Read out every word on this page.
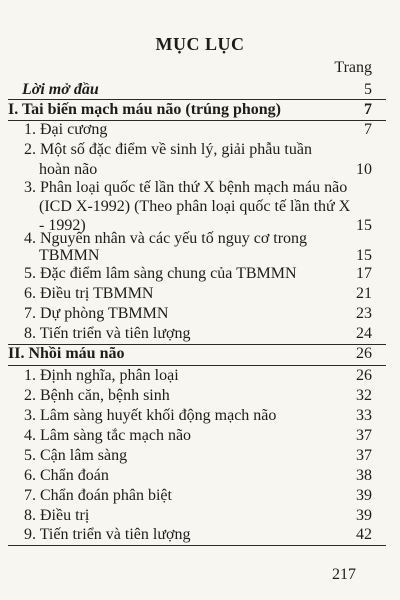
MỤC LỤC
Trang
Lời mở đầu	5
I. Tai biến mạch máu não (trúng phong)	7
1. Đại cương	7
2. Một số đặc điểm về sinh lý, giải phẫu tuần
hoàn não	10
3. Phân loại quốc tế lần thứ X bệnh mạch máu não
(ICD X-1992) (Theo phân loại quốc tế lần thứ X
- 1992)	15
4. Nguyên nhân và các yếu tố nguy cơ trong
TBMMN	15
5. Đặc điểm lâm sàng chung của TBMMN	17
6. Điều trị TBMMN	21
7. Dự phòng TBMMN	23
8. Tiến triển và tiên lượng	24
II. Nhồi máu não	26
1. Định nghĩa, phân loại	26
2. Bệnh căn, bệnh sinh	32
3. Lâm sàng huyết khối động mạch não	33
4. Lâm sàng tắc mạch não	37
5. Cận lâm sàng	37
6. Chẩn đoán	38
7. Chẩn đoán phân biệt	39
8. Điều trị	39
9. Tiến triển và tiên lượng	42
217
